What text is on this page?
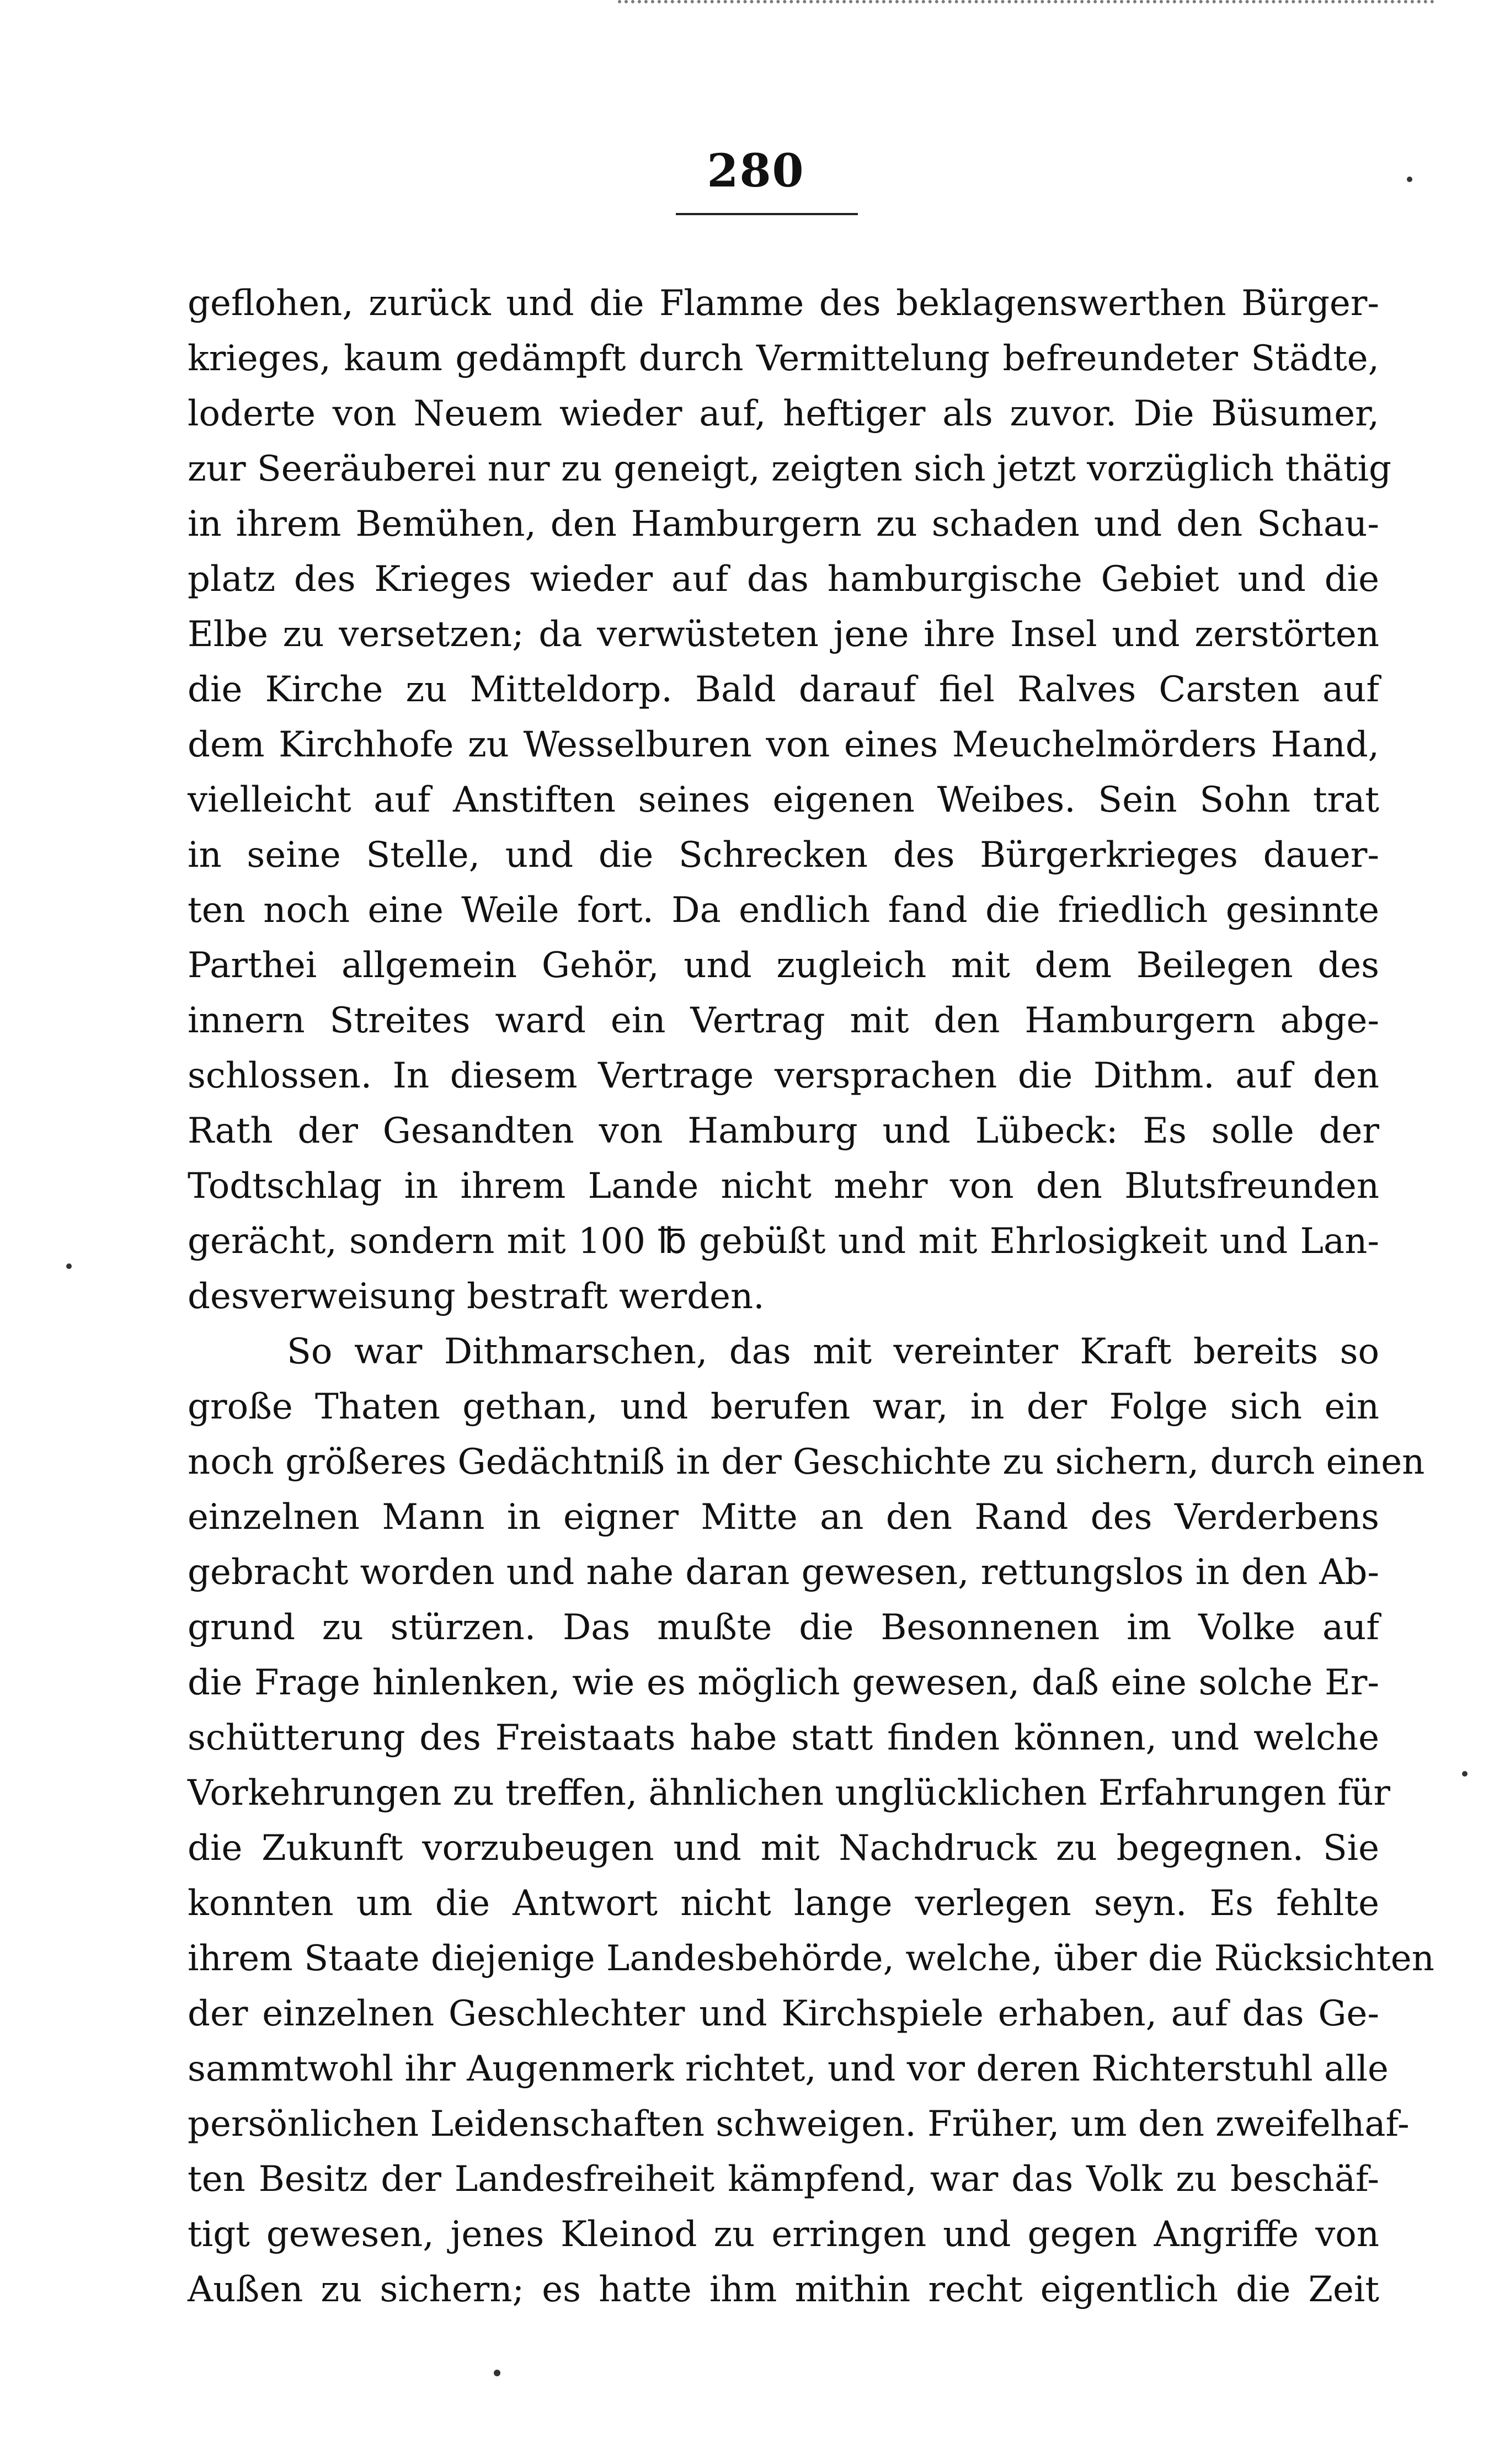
280
geflohen, zurück und die Flamme des beklagenswerthen Bürger-
krieges, kaum gedämpft durch Vermittelung befreundeter Städte,
loderte von Neuem wieder auf, heftiger als zuvor. Die Büsumer,
zur Seeräuberei nur zu geneigt, zeigten sich jetzt vorzüglich thätig
in ihrem Bemühen, den Hamburgern zu schaden und den Schau-
platz des Krieges wieder auf das hamburgische Gebiet und die
Elbe zu versetzen; da verwüsteten jene ihre Insel und zerstörten
die Kirche zu Mitteldorp. Bald darauf fiel Ralves Carsten auf
dem Kirchhofe zu Wesselburen von eines Meuchelmörders Hand,
vielleicht auf Anstiften seines eigenen Weibes. Sein Sohn trat
in seine Stelle, und die Schrecken des Bürgerkrieges dauer-
ten noch eine Weile fort. Da endlich fand die friedlich gesinnte
Parthei allgemein Gehör, und zugleich mit dem Beilegen des
innern Streites ward ein Vertrag mit den Hamburgern abge-
schlossen. In diesem Vertrage versprachen die Dithm. auf den
Rath der Gesandten von Hamburg und Lübeck: Es solle der
Todtschlag in ihrem Lande nicht mehr von den Blutsfreunden
gerächt, sondern mit 100 ℔ gebüßt und mit Ehrlosigkeit und Lan-
desverweisung bestraft werden.
So war Dithmarschen, das mit vereinter Kraft bereits so
große Thaten gethan, und berufen war, in der Folge sich ein
noch größeres Gedächtniß in der Geschichte zu sichern, durch einen
einzelnen Mann in eigner Mitte an den Rand des Verderbens
gebracht worden und nahe daran gewesen, rettungslos in den Ab-
grund zu stürzen. Das mußte die Besonnenen im Volke auf
die Frage hinlenken, wie es möglich gewesen, daß eine solche Er-
schütterung des Freistaats habe statt finden können, und welche
Vorkehrungen zu treffen, ähnlichen unglücklichen Erfahrungen für
die Zukunft vorzubeugen und mit Nachdruck zu begegnen. Sie
konnten um die Antwort nicht lange verlegen seyn. Es fehlte
ihrem Staate diejenige Landesbehörde, welche, über die Rücksichten
der einzelnen Geschlechter und Kirchspiele erhaben, auf das Ge-
sammtwohl ihr Augenmerk richtet, und vor deren Richterstuhl alle
persönlichen Leidenschaften schweigen. Früher, um den zweifelhaf-
ten Besitz der Landesfreiheit kämpfend, war das Volk zu beschäf-
tigt gewesen, jenes Kleinod zu erringen und gegen Angriffe von
Außen zu sichern; es hatte ihm mithin recht eigentlich die Zeit
